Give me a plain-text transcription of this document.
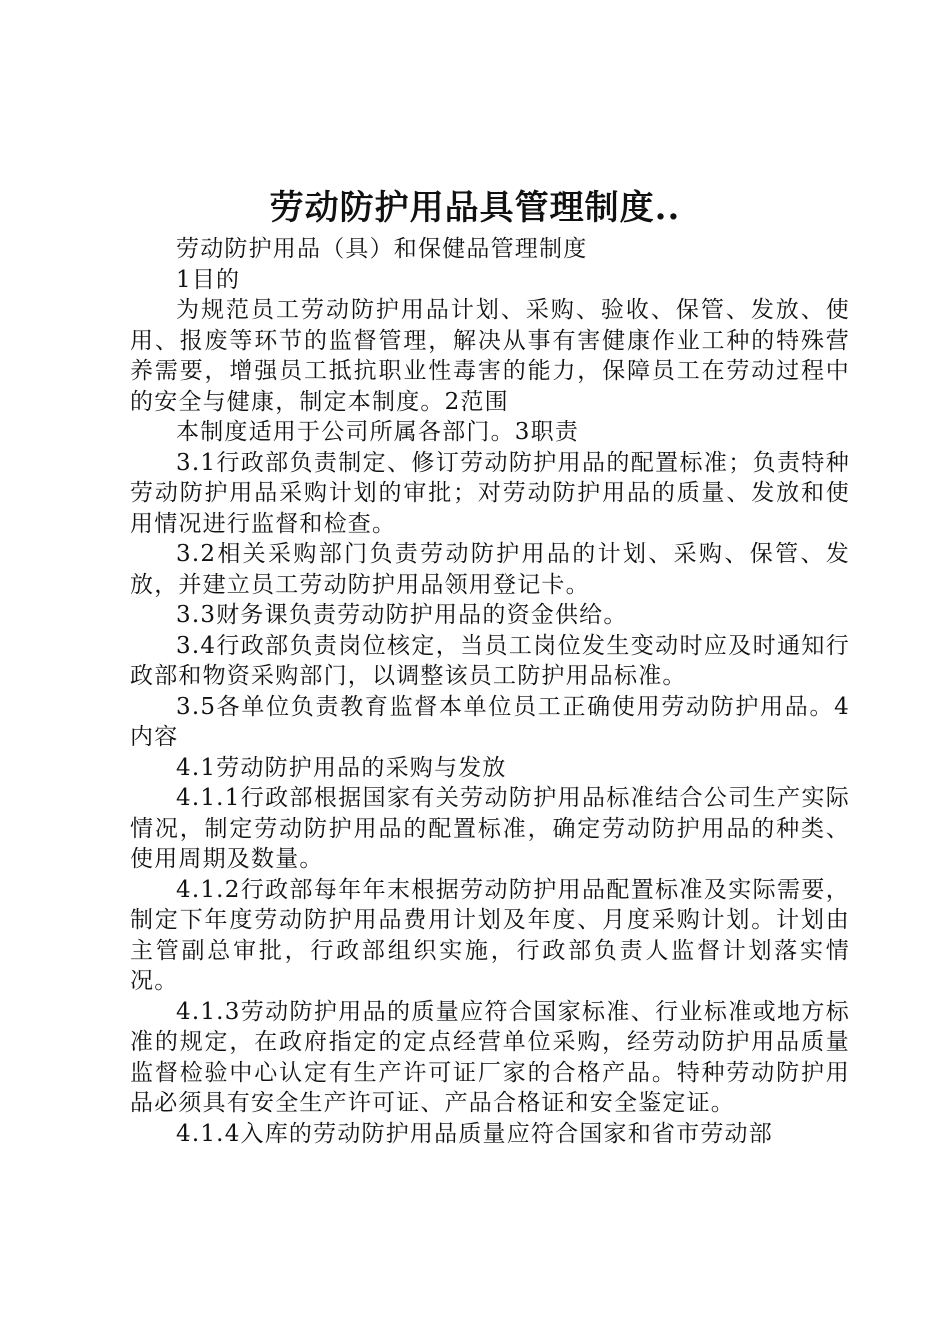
劳动防护用品具管理制度..

劳动防护用品（具）和保健品管理制度

1目的

为规范员工劳动防护用品计划、采购、验收、保管、发放、使用、报废等环节的监督管理，解决从事有害健康作业工种的特殊营养需要，增强员工抵抗职业性毒害的能力，保障员工在劳动过程中的安全与健康，制定本制度。2范围

本制度适用于公司所属各部门。3职责

3.1行政部负责制定、修订劳动防护用品的配置标准；负责特种劳动防护用品采购计划的审批；对劳动防护用品的质量、发放和使用情况进行监督和检查。

3.2相关采购部门负责劳动防护用品的计划、采购、保管、发放，并建立员工劳动防护用品领用登记卡。

3.3财务课负责劳动防护用品的资金供给。

3.4行政部负责岗位核定，当员工岗位发生变动时应及时通知行政部和物资采购部门，以调整该员工防护用品标准。

3.5各单位负责教育监督本单位员工正确使用劳动防护用品。4内容

4.1劳动防护用品的采购与发放

4.1.1行政部根据国家有关劳动防护用品标准结合公司生产实际情况，制定劳动防护用品的配置标准，确定劳动防护用品的种类、使用周期及数量。

4.1.2行政部每年年末根据劳动防护用品配置标准及实际需要，制定下年度劳动防护用品费用计划及年度、月度采购计划。计划由主管副总审批，行政部组织实施，行政部负责人监督计划落实情况。

4.1.3劳动防护用品的质量应符合国家标准、行业标准或地方标准的规定，在政府指定的定点经营单位采购，经劳动防护用品质量监督检验中心认定有生产许可证厂家的合格产品。特种劳动防护用品必须具有安全生产许可证、产品合格证和安全鉴定证。

4.1.4入库的劳动防护用品质量应符合国家和省市劳动部
